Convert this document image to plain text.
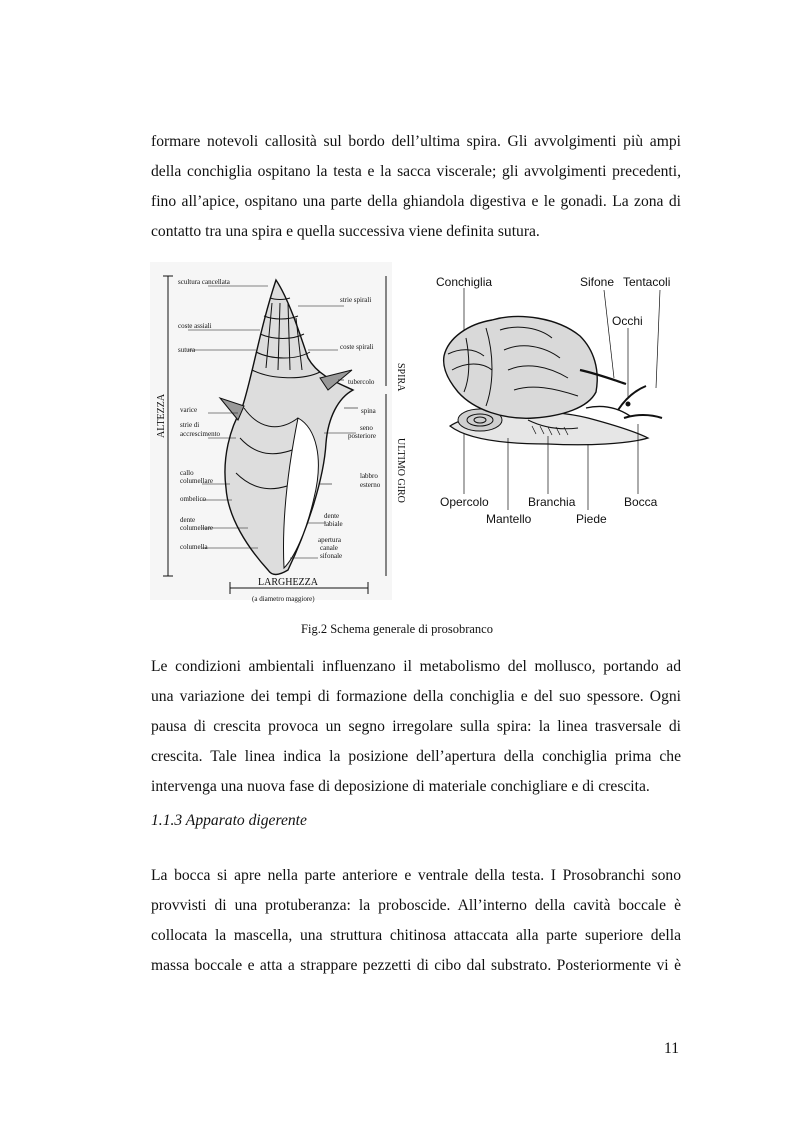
formare notevoli callosità sul bordo dell’ultima spira. Gli avvolgimenti più ampi
della conchiglia ospitano la testa e la sacca viscerale; gli avvolgimenti precedenti,
fino all’apice, ospitano una parte della ghiandola digestiva e le gonadi. La zona di
contatto tra una spira e quella successiva viene definita sutura.
scultura cancellata
coste assiali
sutura
varice
strie di
accrescimento
callo
columellare
ombelico
dente
columellare
columella
ALTEZZA
LARGHEZZA
(a diametro maggiore)
strie spirali
coste spirali
tubercolo
spina
seno
posteriore
labbro
esterno
dente
labiale
apertura
canale
sifonale
SPIRA
ULTIMO GIRO
Conchiglia	Sifone Tentacoli
Occhi
Opercolo
Mantello
Branchia
Piede
Bocca
Fig.2 Schema generale di prosobranco
Le condizioni ambientali influenzano il metabolismo del mollusco, portando ad
una variazione dei tempi di formazione della conchiglia e del suo spessore. Ogni
pausa di crescita provoca un segno irregolare sulla spira: la linea trasversale di
crescita. Tale linea indica la posizione dell’apertura della conchiglia prima che
intervenga una nuova fase di deposizione di materiale conchigliare e di crescita.
1.1.3 Apparato digerente
La bocca si apre nella parte anteriore e ventrale della testa. I Prosobranchi sono
provvisti di una protuberanza: la proboscide. All’interno della cavità boccale è
collocata la mascella, una struttura chitinosa attaccata alla parte superiore della
massa boccale e atta a strappare pezzetti di cibo dal substrato. Posteriormente vi è
11
